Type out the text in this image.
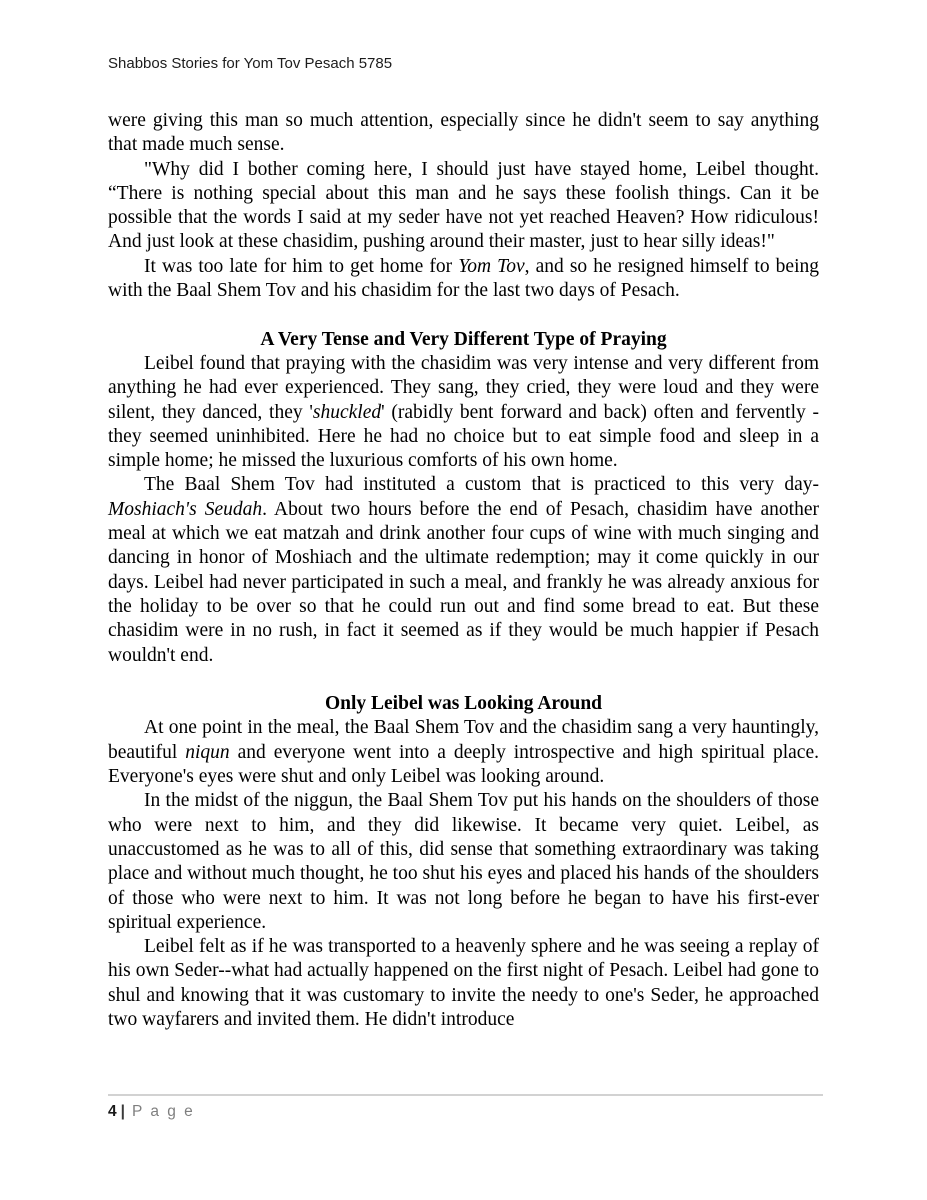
Shabbos Stories for Yom Tov Pesach 5785

were giving this man so much attention, especially since he didn't seem to say anything that made much sense.

"Why did I bother coming here, I should just have stayed home, Leibel thought. “There is nothing special about this man and he says these foolish things. Can it be possible that the words I said at my seder have not yet reached Heaven? How ridiculous! And just look at these chasidim, pushing around their master, just to hear silly ideas!"

It was too late for him to get home for Yom Tov, and so he resigned himself to being with the Baal Shem Tov and his chasidim for the last two days of Pesach.

A Very Tense and Very Different Type of Praying

Leibel found that praying with the chasidim was very intense and very different from anything he had ever experienced. They sang, they cried, they were loud and they were silent, they danced, they 'shuckled' (rabidly bent forward and back) often and fervently - they seemed uninhibited. Here he had no choice but to eat simple food and sleep in a simple home; he missed the luxurious comforts of his own home.

The Baal Shem Tov had instituted a custom that is practiced to this very day- Moshiach's Seudah. About two hours before the end of Pesach, chasidim have another meal at which we eat matzah and drink another four cups of wine with much singing and dancing in honor of Moshiach and the ultimate redemption; may it come quickly in our days. Leibel had never participated in such a meal, and frankly he was already anxious for the holiday to be over so that he could run out and find some bread to eat. But these chasidim were in no rush, in fact it seemed as if they would be much happier if Pesach wouldn't end.

Only Leibel was Looking Around

At one point in the meal, the Baal Shem Tov and the chasidim sang a very hauntingly, beautiful niqun and everyone went into a deeply introspective and high spiritual place. Everyone's eyes were shut and only Leibel was looking around.

In the midst of the niggun, the Baal Shem Tov put his hands on the shoulders of those who were next to him, and they did likewise. It became very quiet. Leibel, as unaccustomed as he was to all of this, did sense that something extraordinary was taking place and without much thought, he too shut his eyes and placed his hands of the shoulders of those who were next to him. It was not long before he began to have his first-ever spiritual experience.

Leibel felt as if he was transported to a heavenly sphere and he was seeing a replay of his own Seder--what had actually happened on the first night of Pesach. Leibel had gone to shul and knowing that it was customary to invite the needy to one's Seder, he approached two wayfarers and invited them. He didn't introduce

4 | P a g e
